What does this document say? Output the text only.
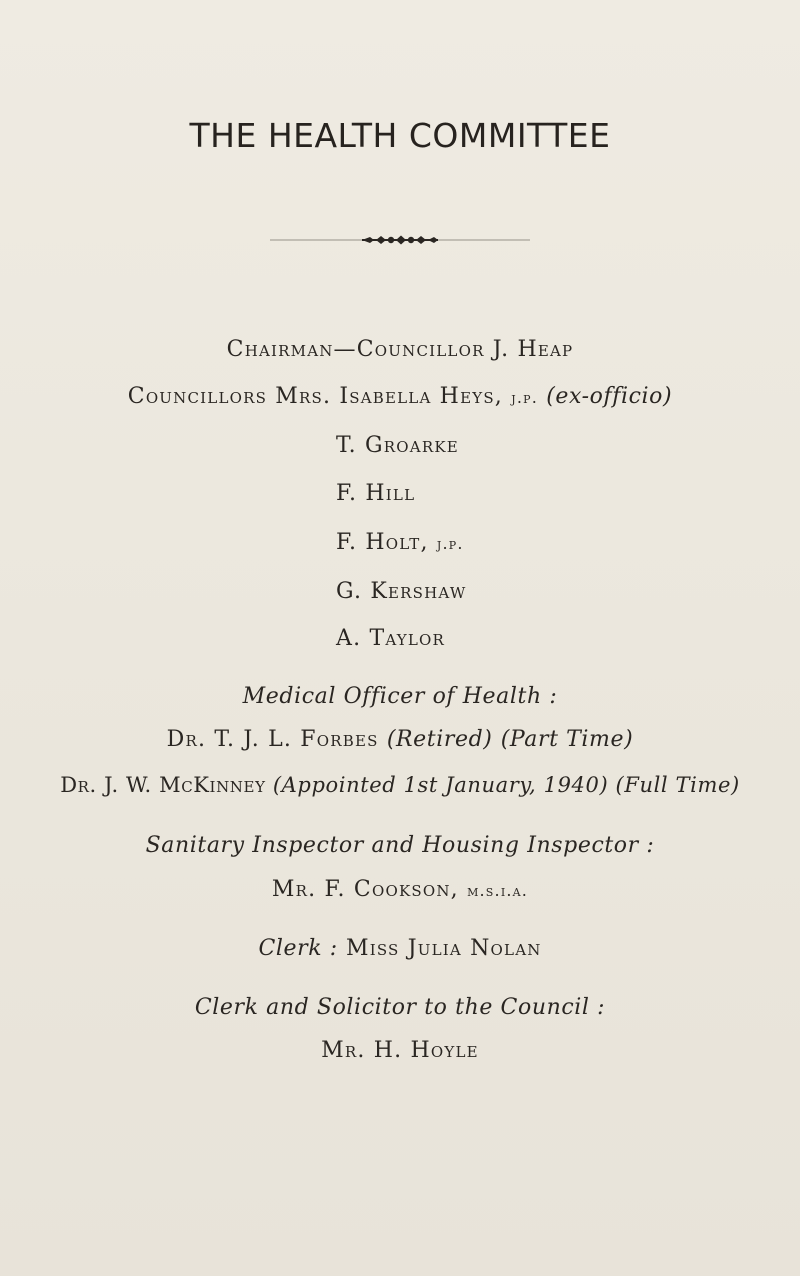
THE HEALTH COMMITTEE
Chairman—Councillor J. Heap
Councillors Mrs. Isabella Heys, j.p. (ex-officio)
T. Groarke
F. Hill
F. Holt, j.p.
G. Kershaw
A. Taylor
Medical Officer of Health :
Dr. T. J. L. Forbes (Retired) (Part Time)
Dr. J. W. McKinney (Appointed 1st January, 1940) (Full Time)
Sanitary Inspector and Housing Inspector :
Mr. F. Cookson, m.s.i.a.
Clerk : Miss Julia Nolan
Clerk and Solicitor to the Council :
Mr. H. Hoyle
